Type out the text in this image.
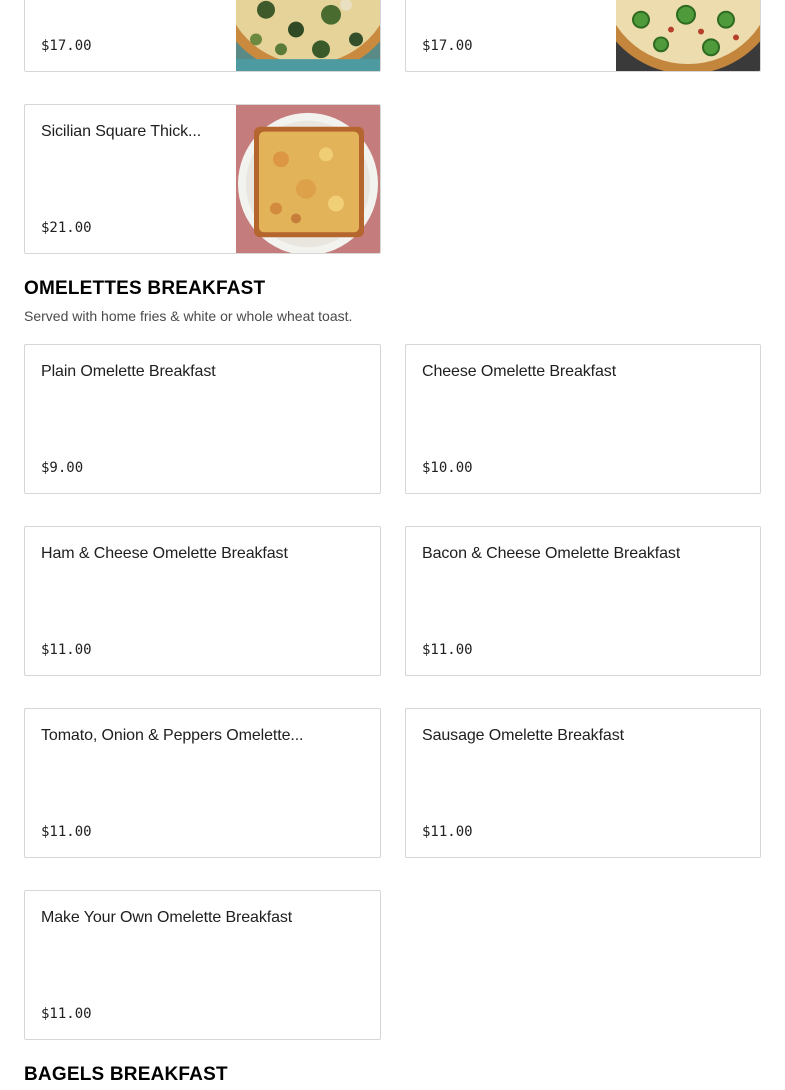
$17.00	$17.00
Sicilian Square Thick...
$21.00
OMELETTES BREAKFAST

Served with home fries & white or whole wheat toast.

Plain Omelette Breakfast
$9.00
Cheese Omelette Breakfast
$10.00
Ham & Cheese Omelette Breakfast
$11.00
Bacon & Cheese Omelette Breakfast
$11.00
Tomato, Onion & Peppers Omelette...
$11.00
Sausage Omelette Breakfast
$11.00
Make Your Own Omelette Breakfast
$11.00
BAGELS BREAKFAST
